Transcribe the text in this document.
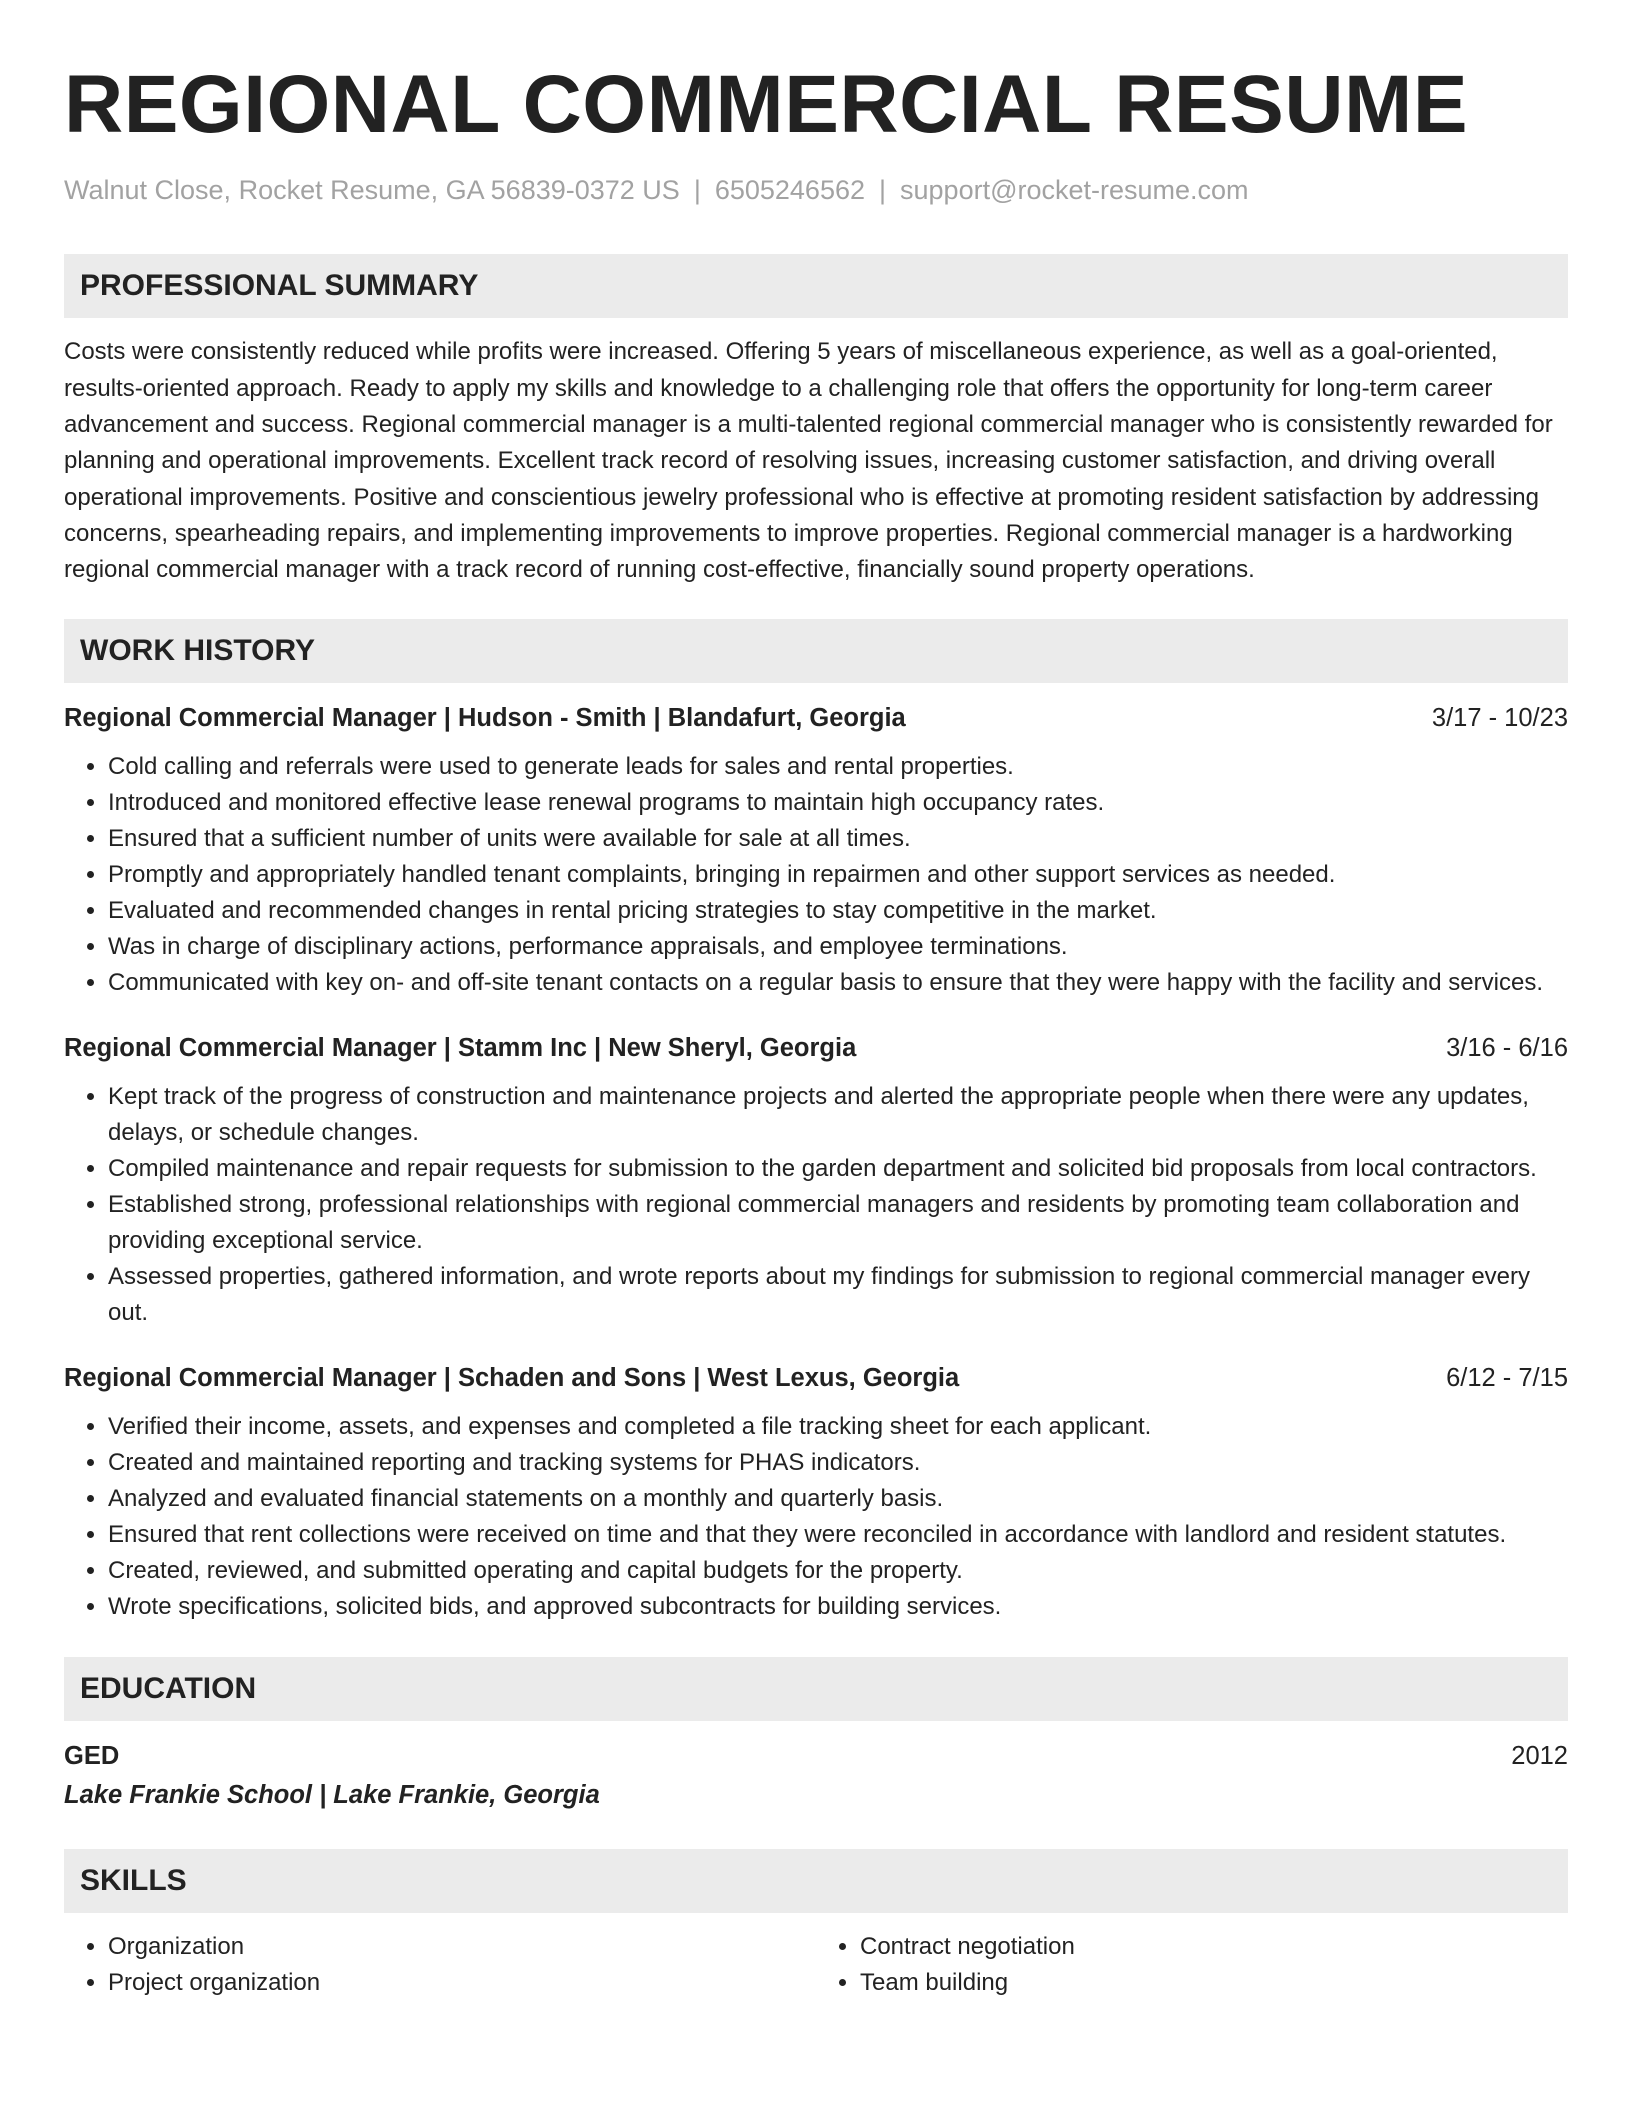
REGIONAL COMMERCIAL RESUME
Walnut Close, Rocket Resume, GA 56839-0372 US | 6505246562 | support@rocket-resume.com
PROFESSIONAL SUMMARY
Costs were consistently reduced while profits were increased. Offering 5 years of miscellaneous experience, as well as a goal-oriented, results-oriented approach. Ready to apply my skills and knowledge to a challenging role that offers the opportunity for long-term career advancement and success. Regional commercial manager is a multi-talented regional commercial manager who is consistently rewarded for planning and operational improvements. Excellent track record of resolving issues, increasing customer satisfaction, and driving overall operational improvements. Positive and conscientious jewelry professional who is effective at promoting resident satisfaction by addressing concerns, spearheading repairs, and implementing improvements to improve properties. Regional commercial manager is a hardworking regional commercial manager with a track record of running cost-effective, financially sound property operations.
WORK HISTORY
Regional Commercial Manager | Hudson - Smith | Blandafurt, Georgia	3/17 - 10/23
• Cold calling and referrals were used to generate leads for sales and rental properties.
• Introduced and monitored effective lease renewal programs to maintain high occupancy rates.
• Ensured that a sufficient number of units were available for sale at all times.
• Promptly and appropriately handled tenant complaints, bringing in repairmen and other support services as needed.
• Evaluated and recommended changes in rental pricing strategies to stay competitive in the market.
• Was in charge of disciplinary actions, performance appraisals, and employee terminations.
• Communicated with key on- and off-site tenant contacts on a regular basis to ensure that they were happy with the facility and services.
Regional Commercial Manager | Stamm Inc | New Sheryl, Georgia	3/16 - 6/16
• Kept track of the progress of construction and maintenance projects and alerted the appropriate people when there were any updates, delays, or schedule changes.
• Compiled maintenance and repair requests for submission to the garden department and solicited bid proposals from local contractors.
• Established strong, professional relationships with regional commercial managers and residents by promoting team collaboration and providing exceptional service.
• Assessed properties, gathered information, and wrote reports about my findings for submission to regional commercial manager every out.
Regional Commercial Manager | Schaden and Sons | West Lexus, Georgia	6/12 - 7/15
• Verified their income, assets, and expenses and completed a file tracking sheet for each applicant.
• Created and maintained reporting and tracking systems for PHAS indicators.
• Analyzed and evaluated financial statements on a monthly and quarterly basis.
• Ensured that rent collections were received on time and that they were reconciled in accordance with landlord and resident statutes.
• Created, reviewed, and submitted operating and capital budgets for the property.
• Wrote specifications, solicited bids, and approved subcontracts for building services.
EDUCATION
GED	2012
Lake Frankie School | Lake Frankie, Georgia
SKILLS
• Organization
• Project organization
• Contract negotiation
• Team building
